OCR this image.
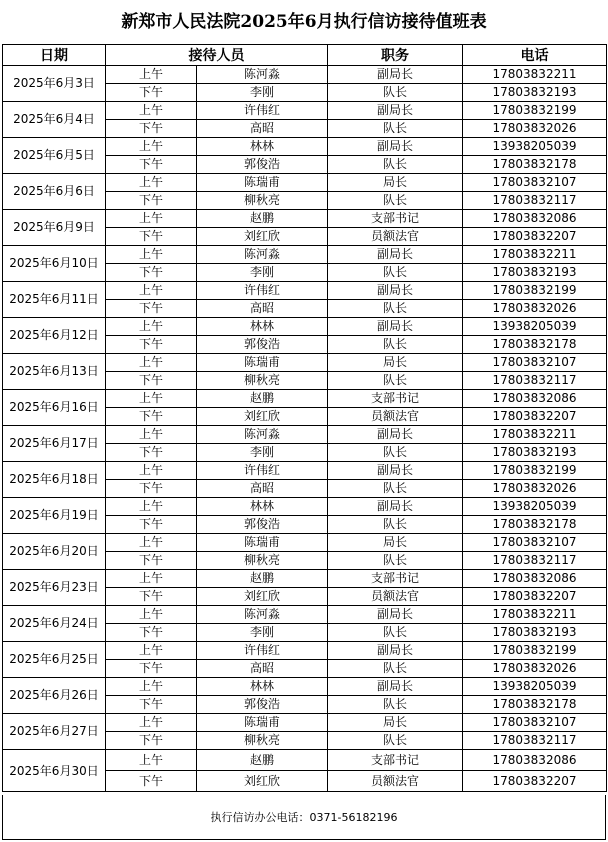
新郑市人民法院2025年6月执行信访接待值班表
日期	接待人员		职务	电话
2025年6月3日	上午	陈河淼	副局长	17803832211
	下午	李刚	队长	17803832193
2025年6月4日	上午	许伟红	副局长	17803832199
	下午	高昭	队长	17803832026
2025年6月5日	上午	林林	副局长	13938205039
	下午	郭俊浩	队长	17803832178
2025年6月6日	上午	陈瑞甫	局长	17803832107
	下午	柳秋亮	队长	17803832117
2025年6月9日	上午	赵鹏	支部书记	17803832086
	下午	刘红欣	员额法官	17803832207
2025年6月10日	上午	陈河淼	副局长	17803832211
	下午	李刚	队长	17803832193
2025年6月11日	上午	许伟红	副局长	17803832199
	下午	高昭	队长	17803832026
2025年6月12日	上午	林林	副局长	13938205039
	下午	郭俊浩	队长	17803832178
2025年6月13日	上午	陈瑞甫	局长	17803832107
	下午	柳秋亮	队长	17803832117
2025年6月16日	上午	赵鹏	支部书记	17803832086
	下午	刘红欣	员额法官	17803832207
2025年6月17日	上午	陈河淼	副局长	17803832211
	下午	李刚	队长	17803832193
2025年6月18日	上午	许伟红	副局长	17803832199
	下午	高昭	队长	17803832026
2025年6月19日	上午	林林	副局长	13938205039
	下午	郭俊浩	队长	17803832178
2025年6月20日	上午	陈瑞甫	局长	17803832107
	下午	柳秋亮	队长	17803832117
2025年6月23日	上午	赵鹏	支部书记	17803832086
	下午	刘红欣	员额法官	17803832207
2025年6月24日	上午	陈河淼	副局长	17803832211
	下午	李刚	队长	17803832193
2025年6月25日	上午	许伟红	副局长	17803832199
	下午	高昭	队长	17803832026
2025年6月26日	上午	林林	副局长	13938205039
	下午	郭俊浩	队长	17803832178
2025年6月27日	上午	陈瑞甫	局长	17803832107
	下午	柳秋亮	队长	17803832117
2025年6月30日	上午	赵鹏	支部书记	17803832086
	下午	刘红欣	员额法官	17803832207
执行信访办公电话：0371-56182196
